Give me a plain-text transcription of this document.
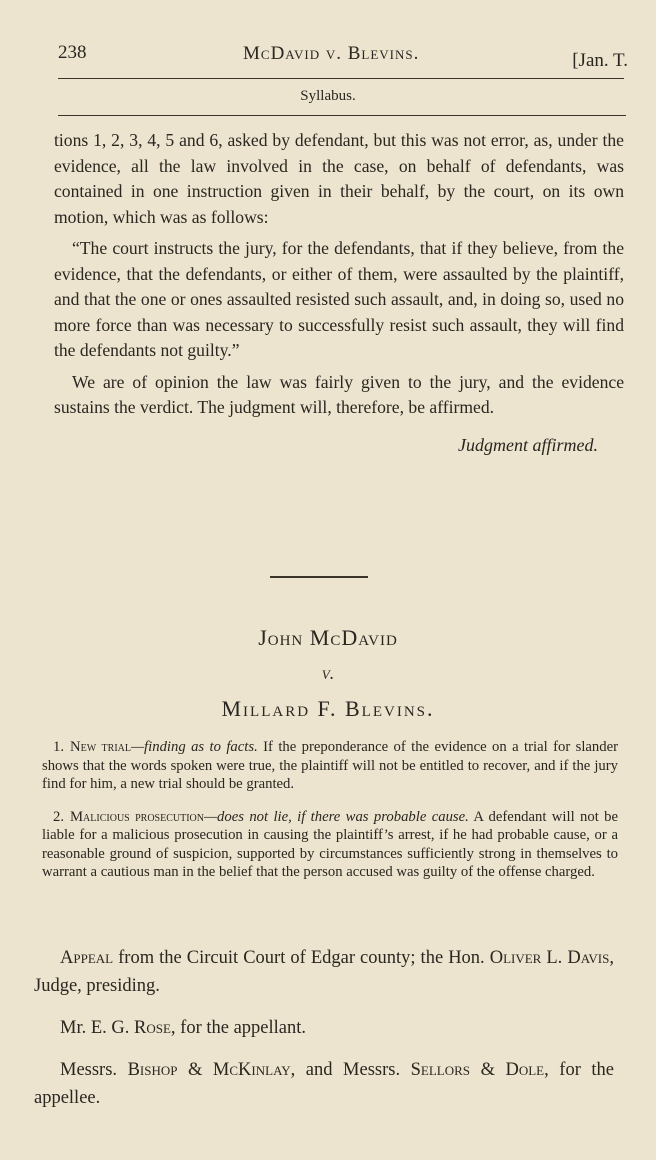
238	McDavid v. Blevins.	[Jan. T.
Syllabus.

tions 1, 2, 3, 4, 5 and 6, asked by defendant, but this was not error, as, under the evidence, all the law involved in the case, on behalf of defendants, was contained in one instruction given in their behalf, by the court, on its own motion, which was as follows:

“The court instructs the jury, for the defendants, that if they believe, from the evidence, that the defendants, or either of them, were assaulted by the plaintiff, and that the one or ones assaulted resisted such assault, and, in doing so, used no more force than was necessary to successfully resist such assault, they will find the defendants not guilty.”

We are of opinion the law was fairly given to the jury, and the evidence sustains the verdict. The judgment will, therefore, be affirmed.

Judgment affirmed.
John McDavid
v.
Millard F. Blevins.

1. New trial—finding as to facts. If the preponderance of the evidence on a trial for slander shows that the words spoken were true, the plaintiff will not be entitled to recover, and if the jury find for him, a new trial should be granted.

2. Malicious prosecution—does not lie, if there was probable cause. A defendant will not be liable for a malicious prosecution in causing the plaintiff’s arrest, if he had probable cause, or a reasonable ground of suspicion, supported by circumstances sufficiently strong in themselves to warrant a cautious man in the belief that the person accused was guilty of the offense charged.

Appeal from the Circuit Court of Edgar county; the Hon. Oliver L. Davis, Judge, presiding.

Mr. E. G. Rose, for the appellant.

Messrs. Bishop & McKinlay, and Messrs. Sellors & Dole, for the appellee.
